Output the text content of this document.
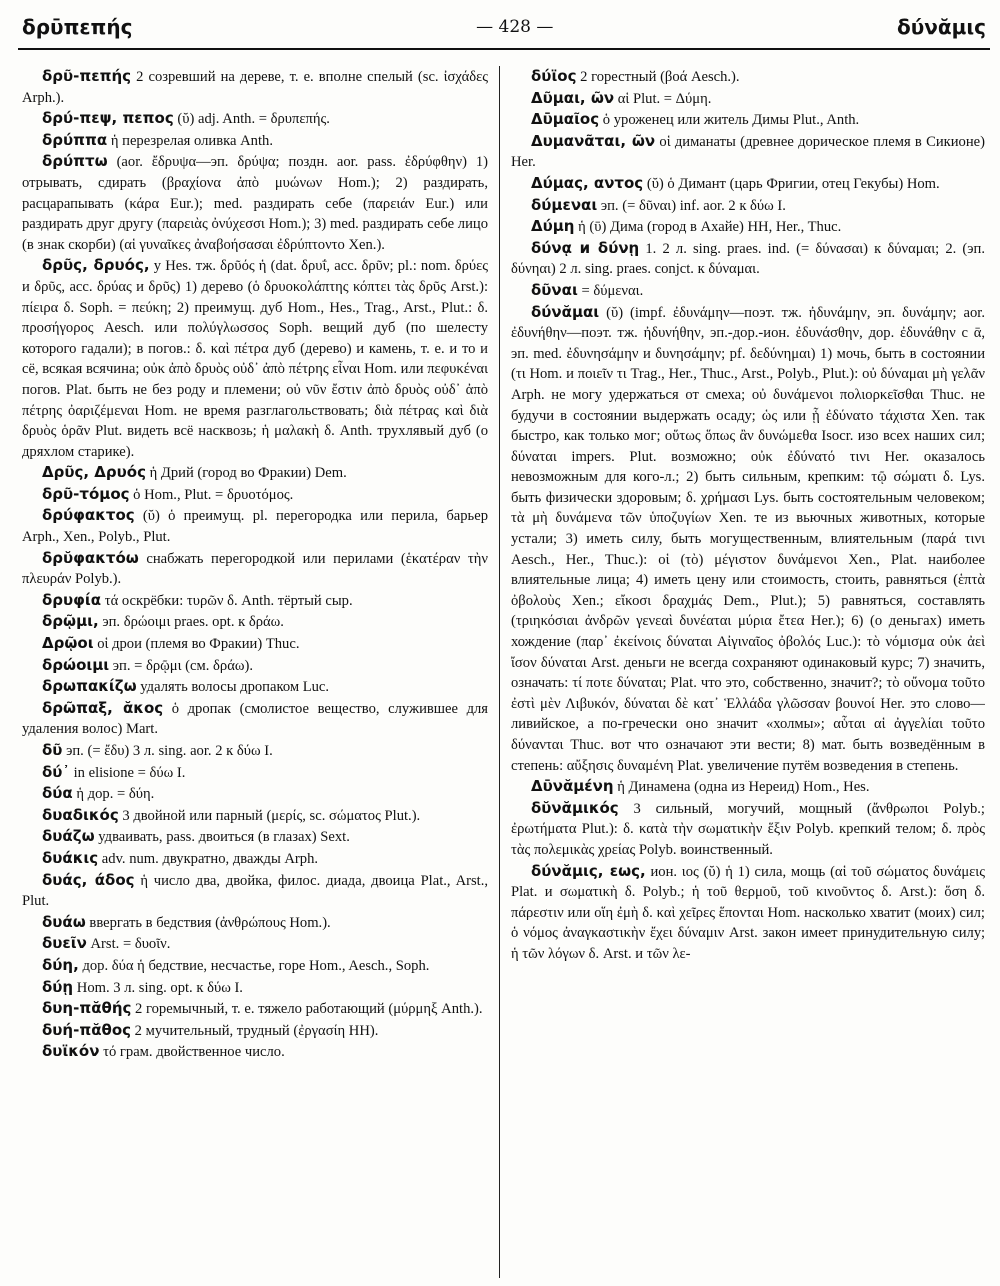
δρῡπεπής	— 428 —	δύνᾰμις

δρῦ-πεπής 2 созревший на дереве, т. е. вполне спелый (sc. ἰσχάδες Arph.).

δρύ-πεψ, πεπος (ῠ) adj. Anth. = δρυπεπής.

δρύππα ἡ перезрелая оливка Anth.

δρύπτω (aor. ἔδρυψα—эп. δρύψα; поздн. aor. pass. ἐδρύφθην) 1) отрывать, сдирать (βραχίονα ἀπὸ μυώνων Hom.); 2) раздирать, расцарапывать (κάρα Eur.); med. раздирать себе (παρειάν Eur.) или раздирать друг другу (παρειὰς ὀνύχεσσι Hom.); 3) med. раздирать себе лицо (в знак скорби) (αἱ γυναῖκες ἀναβοήσασαι ἐδρύπτοντο Xen.).

δρῦς, δρυός, у Hes. тж. δρῦός ἡ (dat. δρυΐ, acc. δρῦν; pl.: nom. δρύες и δρῦς, acc. δρύας и δρῦς) 1) дерево (ὁ δρυοκολάπτης κόπτει τὰς δρῦς Arst.): πίειρα δ. Soph. = πεύκη; 2) преимущ. дуб Hom., Hes., Trag., Arst., Plut.: δ. προσήγορος Aesch. или πολύγλωσσος Soph. вещий дуб (по шелесту которого гадали); в погов.: δ. καὶ πέτρα дуб (дерево) и камень, т. е. и то и сё, всякая всячина; οὐκ ἀπὸ δρυὸς οὐδ᾽ ἀπὸ πέτρης εἶναι Hom. или πεφυκέναι погов. Plat. быть не без роду и племени; οὐ νῦν ἔστιν ἀπὸ δρυὸς οὐδ᾽ ἀπὸ πέτρης ὀαριζέμεναι Hom. не время разглагольствовать; διὰ πέτρας καὶ διὰ δρυὸς ὁρᾶν Plut. видеть всё насквозь; ἡ μαλακὴ δ. Anth. трухлявый дуб (о дряхлом старике).

Δρῦς, Δρυός ἡ Дрий (город во Фракии) Dem.

δρῦ-τόμος ὁ Hom., Plut. = δρυοτόμος.

δρύφακτος (ῠ) ὁ преимущ. pl. перегородка или перила, барьер Arph., Xen., Polyb., Plut.

δρῠφακτόω снабжать перегородкой или перилами (ἑκατέραν τὴν πλευράν Polyb.).

δρυφία τά оскрёбки: τυρῶν δ. Anth. тёртый сыр.

δρῷμι, эп. δρώοιμι praes. opt. к δράω.

Δρῷοι οἱ дрои (племя во Фракии) Thuc.

δρώοιμι эп. = δρῷμι (см. δράω).

δρωπακίζω удалять волосы дропаком Luc.

δρῶπαξ, ᾰκος ὁ дропак (смолистое вещество, служившее для удаления волос) Mart.

δῦ эп. (= ἔδυ) 3 л. sing. aor. 2 к δύω I.

δύ᾽ in elisione = δύω I.

δύα ἡ дор. = δύη.

δυαδικός 3 двойной или парный (μερίς, sc. σώματος Plut.).

δυάζω удваивать, pass. двоиться (в глазах) Sext.

δυάκις adv. num. двукратно, дважды Arph.

δυάς, άδος ἡ число два, двойка, филос. диада, двоица Plat., Arst., Plut.

δυάω ввергать в бедствия (ἀνθρώπους Hom.).

δυεῖν Arst. = δυοῖν.

δύη, дор. δύα ἡ бедствие, несчастье, горе Hom., Aesch., Soph.

δύῃ Hom. 3 л. sing. opt. к δύω I.

δυη-πᾰθής 2 горемычный, т. е. тяжело работающий (μύρμηξ Anth.).

δυή-πᾰθος 2 мучительный, трудный (ἐργασίη HH).

δυϊκόν τό грам. двойственное число.

δύϊος 2 горестный (βοά Aesch.).

Δῦμαι, ῶν αἱ Plut. = Δύμη.

Δῡμαῖος ὁ уроженец или житель Димы Plut., Anth.

Δυμανᾶται, ῶν οἱ диманаты (древнее дорическое племя в Сикионе) Her.

Δύμας, αντος (ῠ) ὁ Димант (царь Фригии, отец Гекубы) Hom.

δύμεναι эп. (= δῦναι) inf. aor. 2 к δύω I.

Δύμη ἡ (ῡ) Дима (город в Ахайе) HH, Her., Thuc.

δύνᾳ и δύνῃ 1. 2 л. sing. praes. ind. (= δύνασαι) к δύναμαι; 2. (эп. δύνηαι) 2 л. sing. praes. conjct. к δύναμαι.

δῦναι = δύμεναι.

δύνᾰμαι (ῠ) (impf. ἐδυνάμην—поэт. тж. ἠδυνάμην, эп. δυνάμην; aor. ἐδυνήθην—поэт. тж. ἠδυνήθην, эп.-дор.-ион. ἐδυνάσθην, дор. ἐδυνάθην с ᾱ, эп. med. ἐδυνησάμην и δυνησάμην; pf. δεδύνημαι) 1) мочь, быть в состоянии (τι Hom. и ποιεῖν τι Trag., Her., Thuc., Arst., Polyb., Plut.): οὐ δύναμαι μὴ γελᾶν Arph. не могу удержаться от смеха; οὐ δυνάμενοι πολιορκεῖσθαι Thuc. не будучи в состоянии выдержать осаду; ὡς или ᾗ ἐδύνατο τάχιστα Xen. так быстро, как только мог; οὕτως ὅπως ἂν δυνώμεθα Isocr. изо всех наших сил; δύναται impers. Plut. возможно; οὐκ ἐδύνατό τινι Her. оказалось невозможным для кого-л.; 2) быть сильным, крепким: τῷ σώματι δ. Lys. быть физически здоровым; δ. χρήμασι Lys. быть состоятельным человеком; τὰ μὴ δυνάμενα τῶν ὑποζυγίων Xen. те из вьючных животных, которые устали; 3) иметь силу, быть могущественным, влиятельным (παρά τινι Aesch., Her., Thuc.): οἱ (τὸ) μέγιστον δυνάμενοι Xen., Plat. наиболее влиятельные лица; 4) иметь цену или стоимость, стоить, равняться (ἑπτὰ ὀβολοὺς Xen.; εἴκοσι δραχμάς Dem., Plut.); 5) равняться, составлять (τριηκόσιαι ἀνδρῶν γενεαὶ δυνέαται μύρια ἔτεα Her.); 6) (о деньгах) иметь хождение (παρ᾽ ἐκείνοις δύναται Αἰγιναῖος ὀβολός Luc.): τὸ νόμισμα οὐκ ἀεὶ ἴσον δύναται Arst. деньги не всегда сохраняют одинаковый курс; 7) значить, означать: τί ποτε δύναται; Plat. что это, собственно, значит?; τὸ οὔνομα τοῦτο ἐστὶ μὲν Λιβυκόν, δύναται δὲ κατ᾽ Ἑλλάδα γλῶσσαν βουνοί Her. это слово—ливийское, а по-гречески оно значит «холмы»; αὗται αἱ ἀγγελίαι τοῦτο δύνανται Thuc. вот что означают эти вести; 8) мат. быть возведённым в степень: αὔξησις δυναμένη Plat. увеличение путём возведения в степень.

Δῡνᾰμένη ἡ Динамена (одна из Нереид) Hom., Hes.

δῠνᾰμικός 3 сильный, могучий, мощный (ἄνθρωποι Polyb.; ἐρωτήματα Plut.): δ. κατὰ τὴν σωματικὴν ἕξιν Polyb. крепкий телом; δ. πρὸς τὰς πολεμικὰς χρείας Polyb. воинственный.

δύνᾰμις, εως, ион. ιος (ῠ) ἡ 1) сила, мощь (αἱ τοῦ σώματος δυνάμεις Plat. и σωματικὴ δ. Polyb.; ἡ τοῦ θερμοῦ, τοῦ κινοῦντος δ. Arst.): ὅση δ. πάρεστιν или οἵη ἐμὴ δ. καὶ χεῖρες ἕπονται Hom. насколько хватит (моих) сил; ὁ νόμος ἀναγκαστικὴν ἔχει δύναμιν Arst. закон имеет принудительную силу; ἡ τῶν λόγων δ. Arst. и τῶν λε-
